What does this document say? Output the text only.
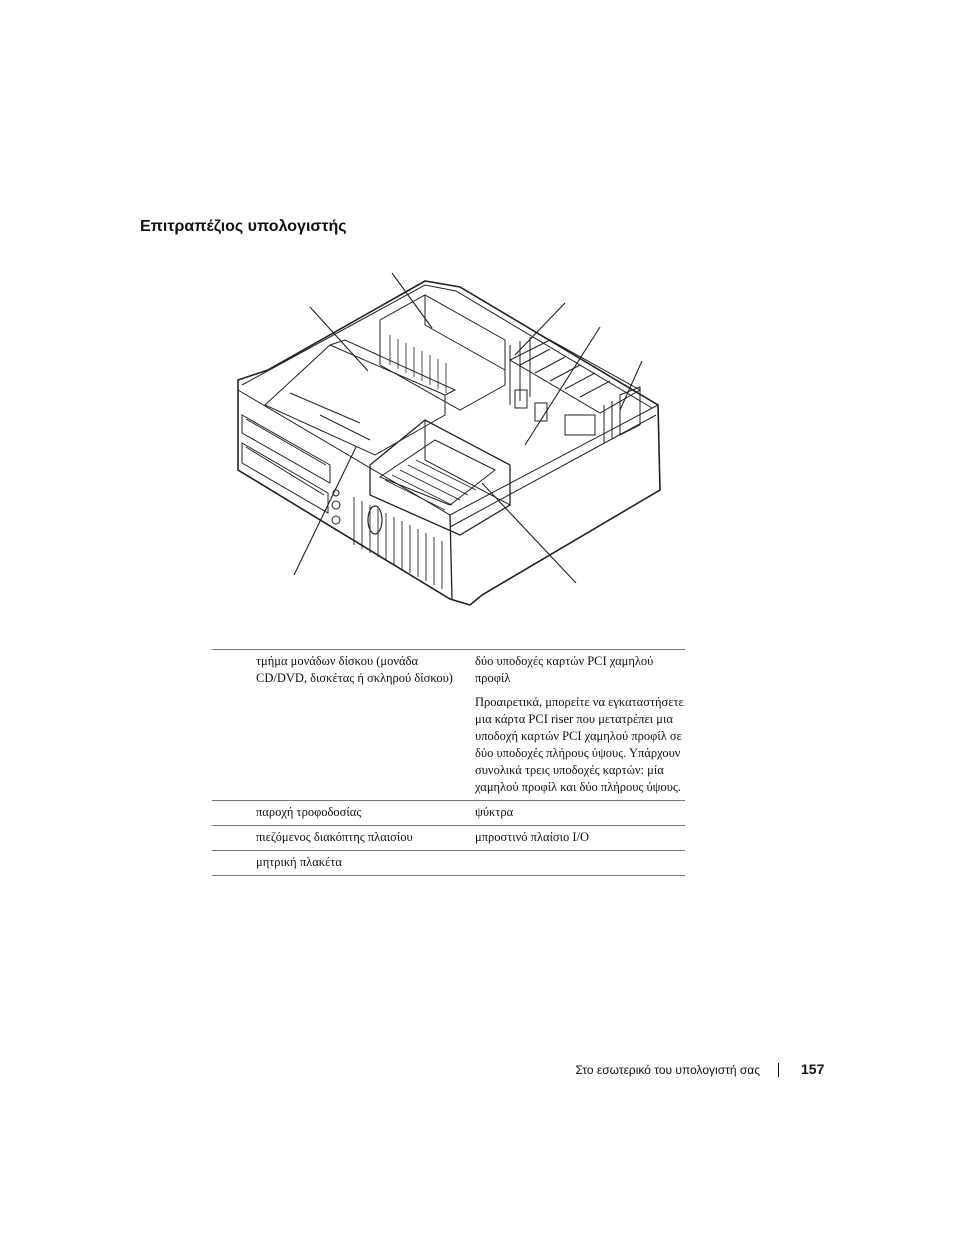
Επιτραπέζιος υπολογιστής
	τμήμα μονάδων δίσκου (μονάδα CD/DVD, δισκέτας ή σκληρού δίσκου)	δύο υποδοχές καρτών PCI χαμηλού προφίλ

Προαιρετικά, μπορείτε να εγκαταστήσετε μια κάρτα PCI riser που μετατρέπει μια υποδοχή καρτών PCI χαμηλού προφίλ σε δύο υποδοχές πλήρους ύψους. Υπάρχουν συνολικά τρεις υποδοχές καρτών: μία χαμηλού προφίλ και δύο πλήρους ύψους.

	παροχή τροφοδοσίας	ψύκτρα
	πιεζόμενος διακόπτης πλαισίου	μπροστινό πλαίσιο I/O
	μητρική πλακέτα	
Στο εσωτερικό του υπολογιστή σας	157
